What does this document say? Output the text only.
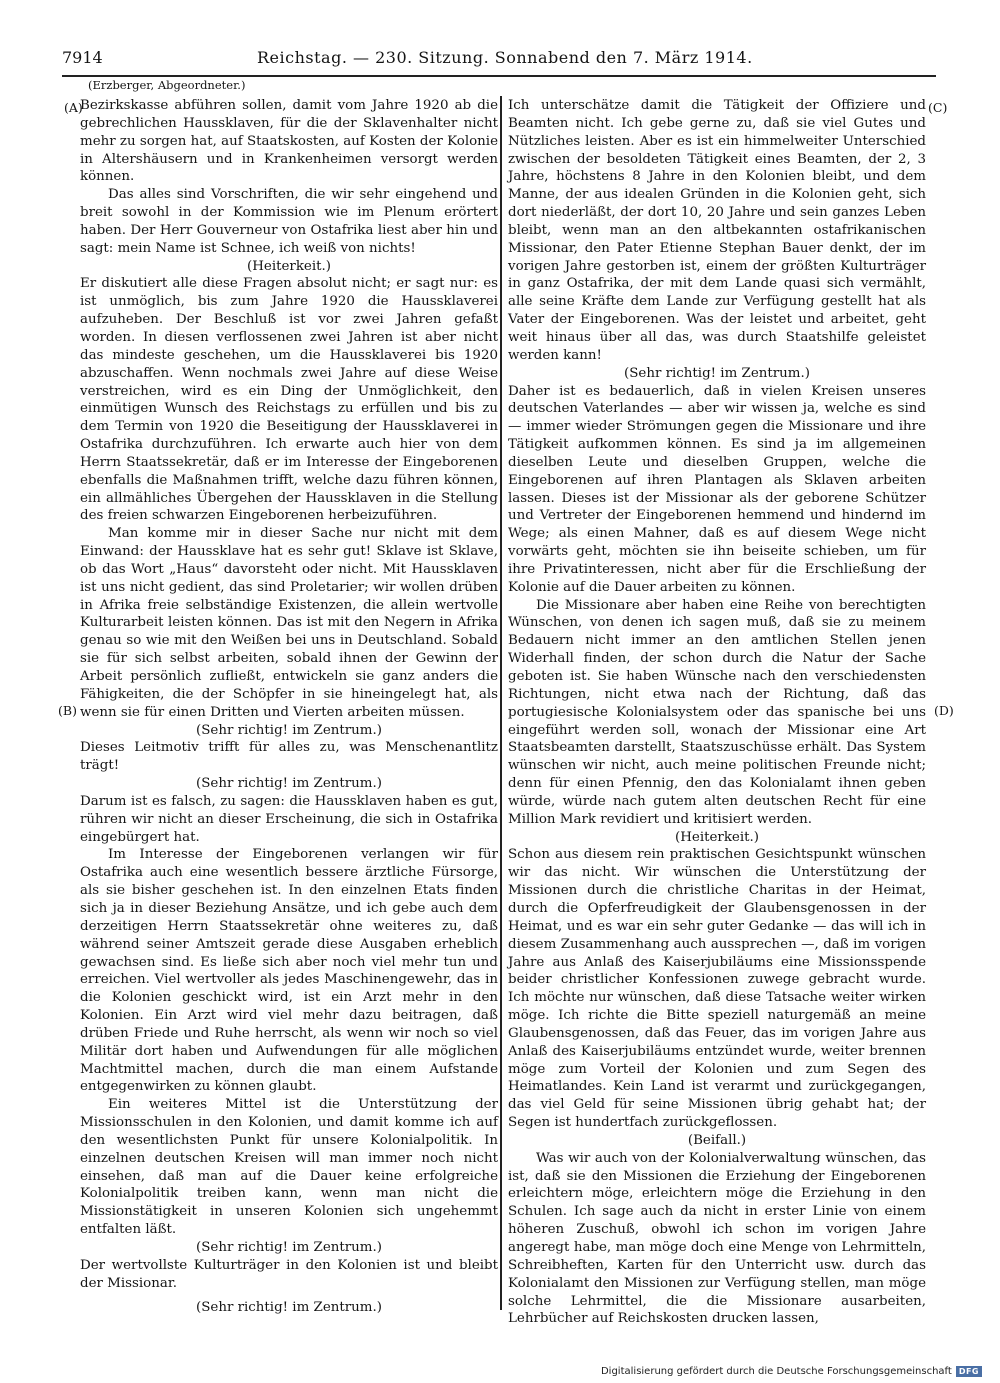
7914	Reichstag. — 230. Sitzung. Sonnabend den 7. März 1914.
(Erzberger, Abgeordneter.)
(A)
(B)
(C)
(D)

Bezirkskasse abführen sollen, damit vom Jahre 1920 ab die gebrechlichen Haussklaven, für die der Sklavenhalter nicht mehr zu sorgen hat, auf Staatskosten, auf Kosten der Kolonie in Altershäusern und in Krankenheimen versorgt werden können.

Das alles sind Vorschriften, die wir sehr eingehend und breit sowohl in der Kommission wie im Plenum erörtert haben. Der Herr Gouverneur von Ostafrika liest aber hin und sagt: mein Name ist Schnee, ich weiß von nichts!

(Heiterkeit.)

Er diskutiert alle diese Fragen absolut nicht; er sagt nur: es ist unmöglich, bis zum Jahre 1920 die Haussklaverei aufzuheben. Der Beschluß ist vor zwei Jahren gefaßt worden. In diesen verflossenen zwei Jahren ist aber nicht das mindeste geschehen, um die Haussklaverei bis 1920 abzuschaffen. Wenn nochmals zwei Jahre auf diese Weise verstreichen, wird es ein Ding der Unmöglichkeit, den einmütigen Wunsch des Reichstags zu erfüllen und bis zu dem Termin von 1920 die Beseitigung der Haussklaverei in Ostafrika durchzuführen. Ich erwarte auch hier von dem Herrn Staatssekretär, daß er im Interesse der Eingeborenen ebenfalls die Maßnahmen trifft, welche dazu führen können, ein allmähliches Übergehen der Haussklaven in die Stellung des freien schwarzen Eingeborenen herbeizuführen.

Man komme mir in dieser Sache nur nicht mit dem Einwand: der Haussklave hat es sehr gut! Sklave ist Sklave, ob das Wort „Haus“ davorsteht oder nicht. Mit Haussklaven ist uns nicht gedient, das sind Proletarier; wir wollen drüben in Afrika freie selbständige Existenzen, die allein wertvolle Kulturarbeit leisten können. Das ist mit den Negern in Afrika genau so wie mit den Weißen bei uns in Deutschland. Sobald sie für sich selbst arbeiten, sobald ihnen der Gewinn der Arbeit persönlich zufließt, entwickeln sie ganz anders die Fähigkeiten, die der Schöpfer in sie hineingelegt hat, als wenn sie für einen Dritten und Vierten arbeiten müssen.

(Sehr richtig! im Zentrum.)

Dieses Leitmotiv trifft für alles zu, was Menschenantlitz trägt!

(Sehr richtig! im Zentrum.)

Darum ist es falsch, zu sagen: die Haussklaven haben es gut, rühren wir nicht an dieser Erscheinung, die sich in Ostafrika eingebürgert hat.

Im Interesse der Eingeborenen verlangen wir für Ostafrika auch eine wesentlich bessere ärztliche Fürsorge, als sie bisher geschehen ist. In den einzelnen Etats finden sich ja in dieser Beziehung Ansätze, und ich gebe auch dem derzeitigen Herrn Staatssekretär ohne weiteres zu, daß während seiner Amtszeit gerade diese Ausgaben erheblich gewachsen sind. Es ließe sich aber noch viel mehr tun und erreichen. Viel wertvoller als jedes Maschinengewehr, das in die Kolonien geschickt wird, ist ein Arzt mehr in den Kolonien. Ein Arzt wird viel mehr dazu beitragen, daß drüben Friede und Ruhe herrscht, als wenn wir noch so viel Militär dort haben und Aufwendungen für alle möglichen Machtmittel machen, durch die man einem Aufstande entgegenwirken zu können glaubt.

Ein weiteres Mittel ist die Unterstützung der Missionsschulen in den Kolonien, und damit komme ich auf den wesentlichsten Punkt für unsere Kolonialpolitik. In einzelnen deutschen Kreisen will man immer noch nicht einsehen, daß man auf die Dauer keine erfolgreiche Kolonialpolitik treiben kann, wenn man nicht die Missionstätigkeit in unseren Kolonien sich ungehemmt entfalten läßt.

(Sehr richtig! im Zentrum.)

Der wertvollste Kulturträger in den Kolonien ist und bleibt der Missionar.

(Sehr richtig! im Zentrum.)

Ich unterschätze damit die Tätigkeit der Offiziere und Beamten nicht. Ich gebe gerne zu, daß sie viel Gutes und Nützliches leisten. Aber es ist ein himmelweiter Unterschied zwischen der besoldeten Tätigkeit eines Beamten, der 2, 3 Jahre, höchstens 8 Jahre in den Kolonien bleibt, und dem Manne, der aus idealen Gründen in die Kolonien geht, sich dort niederläßt, der dort 10, 20 Jahre und sein ganzes Leben bleibt, wenn man an den altbekannten ostafrikanischen Missionar, den Pater Etienne Stephan Bauer denkt, der im vorigen Jahre gestorben ist, einem der größten Kulturträger in ganz Ostafrika, der mit dem Lande quasi sich vermählt, alle seine Kräfte dem Lande zur Verfügung gestellt hat als Vater der Eingeborenen. Was der leistet und arbeitet, geht weit hinaus über all das, was durch Staatshilfe geleistet werden kann!

(Sehr richtig! im Zentrum.)

Daher ist es bedauerlich, daß in vielen Kreisen unseres deutschen Vaterlandes — aber wir wissen ja, welche es sind — immer wieder Strömungen gegen die Missionare und ihre Tätigkeit aufkommen können. Es sind ja im allgemeinen dieselben Leute und dieselben Gruppen, welche die Eingeborenen auf ihren Plantagen als Sklaven arbeiten lassen. Dieses ist der Missionar als der geborene Schützer und Vertreter der Eingeborenen hemmend und hindernd im Wege; als einen Mahner, daß es auf diesem Wege nicht vorwärts geht, möchten sie ihn beiseite schieben, um für ihre Privatinteressen, nicht aber für die Erschließung der Kolonie auf die Dauer arbeiten zu können.

Die Missionare aber haben eine Reihe von berechtigten Wünschen, von denen ich sagen muß, daß sie zu meinem Bedauern nicht immer an den amtlichen Stellen jenen Widerhall finden, der schon durch die Natur der Sache geboten ist. Sie haben Wünsche nach den verschiedensten Richtungen, nicht etwa nach der Richtung, daß das portugiesische Kolonialsystem oder das spanische bei uns eingeführt werden soll, wonach der Missionar eine Art Staatsbeamten darstellt, Staatszuschüsse erhält. Das System wünschen wir nicht, auch meine politischen Freunde nicht; denn für einen Pfennig, den das Kolonialamt ihnen geben würde, würde nach gutem alten deutschen Recht für eine Million Mark revidiert und kritisiert werden.

(Heiterkeit.)

Schon aus diesem rein praktischen Gesichtspunkt wünschen wir das nicht. Wir wünschen die Unterstützung der Missionen durch die christliche Charitas in der Heimat, durch die Opferfreudigkeit der Glaubensgenossen in der Heimat, und es war ein sehr guter Gedanke — das will ich in diesem Zusammenhang auch aussprechen —, daß im vorigen Jahre aus Anlaß des Kaiserjubiläums eine Missionsspende beider christlicher Konfessionen zuwege gebracht wurde. Ich möchte nur wünschen, daß diese Tatsache weiter wirken möge. Ich richte die Bitte speziell naturgemäß an meine Glaubensgenossen, daß das Feuer, das im vorigen Jahre aus Anlaß des Kaiserjubiläums entzündet wurde, weiter brennen möge zum Vorteil der Kolonien und zum Segen des Heimatlandes. Kein Land ist verarmt und zurückgegangen, das viel Geld für seine Missionen übrig gehabt hat; der Segen ist hundertfach zurückgeflossen.

(Beifall.)

Was wir auch von der Kolonialverwaltung wünschen, das ist, daß sie den Missionen die Erziehung der Eingeborenen erleichtern möge, erleichtern möge die Erziehung in den Schulen. Ich sage auch da nicht in erster Linie von einem höheren Zuschuß, obwohl ich schon im vorigen Jahre angeregt habe, man möge doch eine Menge von Lehrmitteln, Schreibheften, Karten für den Unterricht usw. durch das Kolonialamt den Missionen zur Verfügung stellen, man möge solche Lehrmittel, die die Missionare ausarbeiten, Lehrbücher auf Reichskosten drucken lassen,

Digitalisierung gefördert durch die Deutsche Forschungsgemeinschaft DFG
